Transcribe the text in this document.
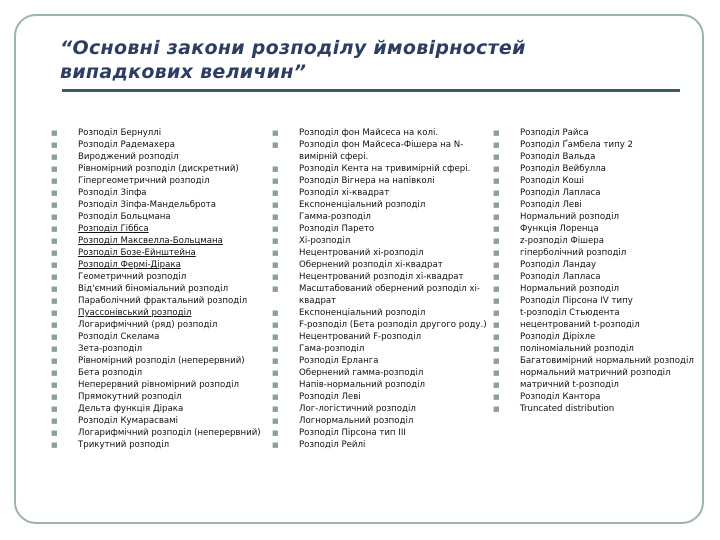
“Основні закони розподілу ймовірностей випадкових величин”
■ Розподіл Бернуллі
■ Розподіл Радемахера
■ Вироджений розподіл
■ Рівномірний розподіл (дискретний)
■ Гіпергеометричний розподіл
■ Розподіл Зіпфа
■ Розподіл Зіпфа-Мандельброта
■ Розподіл Больцмана
■ Розподіл Гіббса
■ Розподіл Максвелла-Больцмана
■ Розподіл Бозе-Ейнштейна
■ Розподіл Фермі-Дірака
■ Геометричний розподіл
■ Від'ємний біноміальний розподіл
■ Параболічний фрактальний розподіл
■ Пуассонівський розподіл
■ Логарифмічний (ряд) розподіл
■ Розподіл Скелама
■ Зета-розподіл
■ Рівномірний розподіл (неперервний)
■ Бета розподіл
■ Неперервний рівномірний розподіл
■ Прямокутний розподіл
■ Дельта функція Дірака
■ Розподіл Кумарасвамі
■ Логарифмічний розподіл (неперервний)
■ Трикутний розподіл
■ Розподіл фон Майсеса на колі.
■ Розподіл фон Майсеса-Фішера на N-вимірній сфері.
■ Розподіл Кента на тривимірній сфері.
■ Розподіл Вігнера на напівколі
■ Розподіл хі-квадрат
■ Експоненціальний розподіл
■ Гамма-розподіл
■ Розподіл Парето
■ Хі-розподіл
■ Нецентрований хі-розподіл
■ Обернений розподіл хі-квадрат
■ Нецентрований розподіл хі-квадрат
■ Масштабований обернений розподіл хі-квадрат
■ Експоненціальний розподіл
■ F-розподіл (Бета розподіл другого роду.)
■ Нецентрований F-розподіл
■ Гама-розподіл
■ Розподіл Ерланга
■ Обернений гамма-розподіл
■ Напів-нормальний розподіл
■ Розподіл Леві
■ Лог-логістичний розподіл
■ Логнормальний розподіл
■ Розподіл Пірсона тип III
■ Розподіл Рейлі
■ Розподіл Райса
■ Розподіл Ґамбела типу 2
■ Розподіл Вальда
■ Розподіл Вейбулла
■ Розподіл Коші
■ Розподіл Лапласа
■ Розподіл Леві
■ Нормальний розподіл
■ Функція Лоренца
■ z-розподіл Фішера
■ гіперболічний розподіл
■ Розподіл Ландау
■ Розподіл Лапласа
■ Нормальний розподіл
■ Розподіл Пірсона IV типу
■ t-розподіл Стьюдента
■ нецентрований t-розподіл
■ Розподіл Діріхле
■ поліноміальний розподіл
■ Багатовимірний нормальний розподіл
■ нормальний матричний розподіл
■ матричний t-розподіл
■ Розподіл Кантора
■ Truncated distribution
